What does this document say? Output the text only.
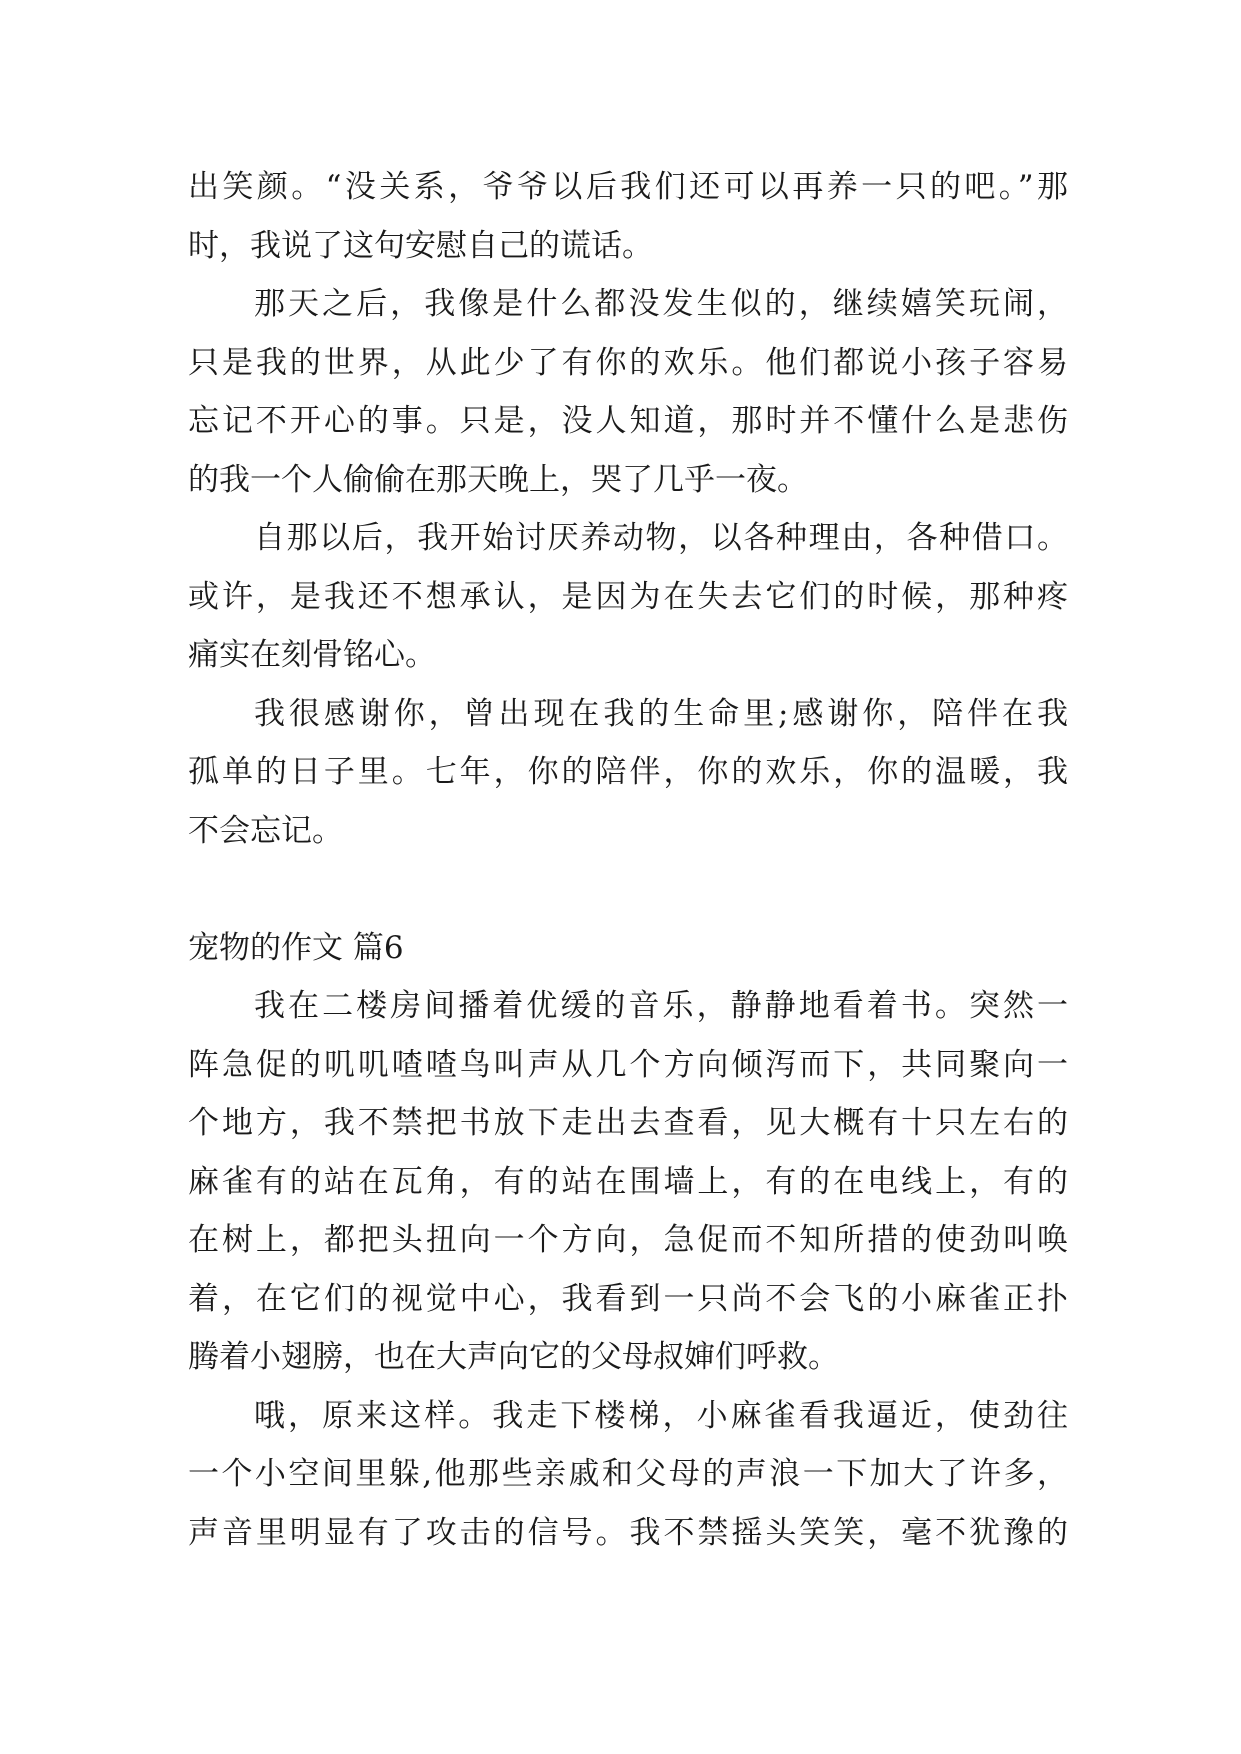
出笑颜。“没关系，爷爷以后我们还可以再养一只的吧。”那
时，我说了这句安慰自己的谎话。
那天之后，我像是什么都没发生似的，继续嬉笑玩闹，
只是我的世界，从此少了有你的欢乐。他们都说小孩子容易
忘记不开心的事。只是，没人知道，那时并不懂什么是悲伤
的我一个人偷偷在那天晚上，哭了几乎一夜。
自那以后，我开始讨厌养动物，以各种理由，各种借口。
或许，是我还不想承认，是因为在失去它们的时候，那种疼
痛实在刻骨铭心。
我很感谢你，曾出现在我的生命里;感谢你，陪伴在我
孤单的日子里。七年，你的陪伴，你的欢乐，你的温暖，我
不会忘记。
宠物的作文 篇6
我在二楼房间播着优缓的音乐，静静地看着书。突然一
阵急促的叽叽喳喳鸟叫声从几个方向倾泻而下，共同聚向一
个地方，我不禁把书放下走出去查看，见大概有十只左右的
麻雀有的站在瓦角，有的站在围墙上，有的在电线上，有的
在树上，都把头扭向一个方向，急促而不知所措的使劲叫唤
着，在它们的视觉中心，我看到一只尚不会飞的小麻雀正扑
腾着小翅膀，也在大声向它的父母叔婶们呼救。
哦，原来这样。我走下楼梯，小麻雀看我逼近，使劲往
一个小空间里躲,他那些亲戚和父母的声浪一下加大了许多，
声音里明显有了攻击的信号。我不禁摇头笑笑，毫不犹豫的
